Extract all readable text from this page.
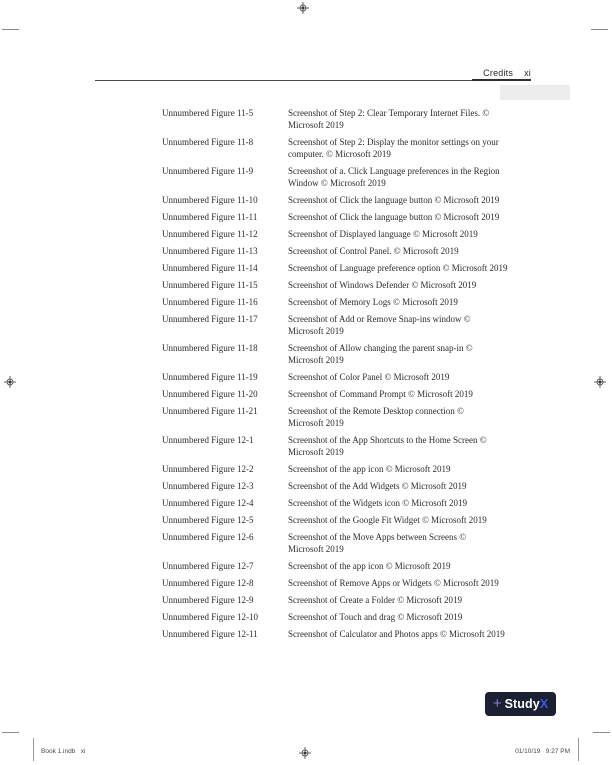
Credits xi
Unnumbered Figure 11-5	Screenshot of Step 2: Clear Temporary Internet Files. ©
Microsoft 2019
Unnumbered Figure 11-8	Screenshot of Step 2: Display the monitor settings on your
computer. © Microsoft 2019
Unnumbered Figure 11-9	Screenshot of a. Click Language preferences in the Region
Window © Microsoft 2019
Unnumbered Figure 11-10	Screenshot of Click the language button © Microsoft 2019
Unnumbered Figure 11-11	Screenshot of Click the language button © Microsoft 2019
Unnumbered Figure 11-12	Screenshot of Displayed language © Microsoft 2019
Unnumbered Figure 11-13	Screenshot of Control Panel. © Microsoft 2019
Unnumbered Figure 11-14	Screenshot of Language preference option © Microsoft 2019
Unnumbered Figure 11-15	Screenshot of Windows Defender © Microsoft 2019
Unnumbered Figure 11-16	Screenshot of Memory Logs © Microsoft 2019
Unnumbered Figure 11-17	Screenshot of Add or Remove Snap-ins window ©
Microsoft 2019
Unnumbered Figure 11-18	Screenshot of Allow changing the parent snap-in ©
Microsoft 2019
Unnumbered Figure 11-19	Screenshot of Color Panel © Microsoft 2019
Unnumbered Figure 11-20	Screenshot of Command Prompt © Microsoft 2019
Unnumbered Figure 11-21	Screenshot of the Remote Desktop connection ©
Microsoft 2019
Unnumbered Figure 12-1	Screenshot of the App Shortcuts to the Home Screen ©
Microsoft 2019
Unnumbered Figure 12-2	Screenshot of the app icon © Microsoft 2019
Unnumbered Figure 12-3	Screenshot of the Add Widgets © Microsoft 2019
Unnumbered Figure 12-4	Screenshot of the Widgets icon © Microsoft 2019
Unnumbered Figure 12-5	Screenshot of the Google Fit Widget © Microsoft 2019
Unnumbered Figure 12-6	Screenshot of the Move Apps between Screens ©
Microsoft 2019
Unnumbered Figure 12-7	Screenshot of the app icon © Microsoft 2019
Unnumbered Figure 12-8	Screenshot of Remove Apps or Widgets © Microsoft 2019
Unnumbered Figure 12-9	Screenshot of Create a Folder © Microsoft 2019
Unnumbered Figure 12-10	Screenshot of Touch and drag © Microsoft 2019
Unnumbered Figure 12-11	Screenshot of Calculator and Photos apps © Microsoft 2019
+ Study X
Book 1.indb   xi	01/10/19   9:27 PM
